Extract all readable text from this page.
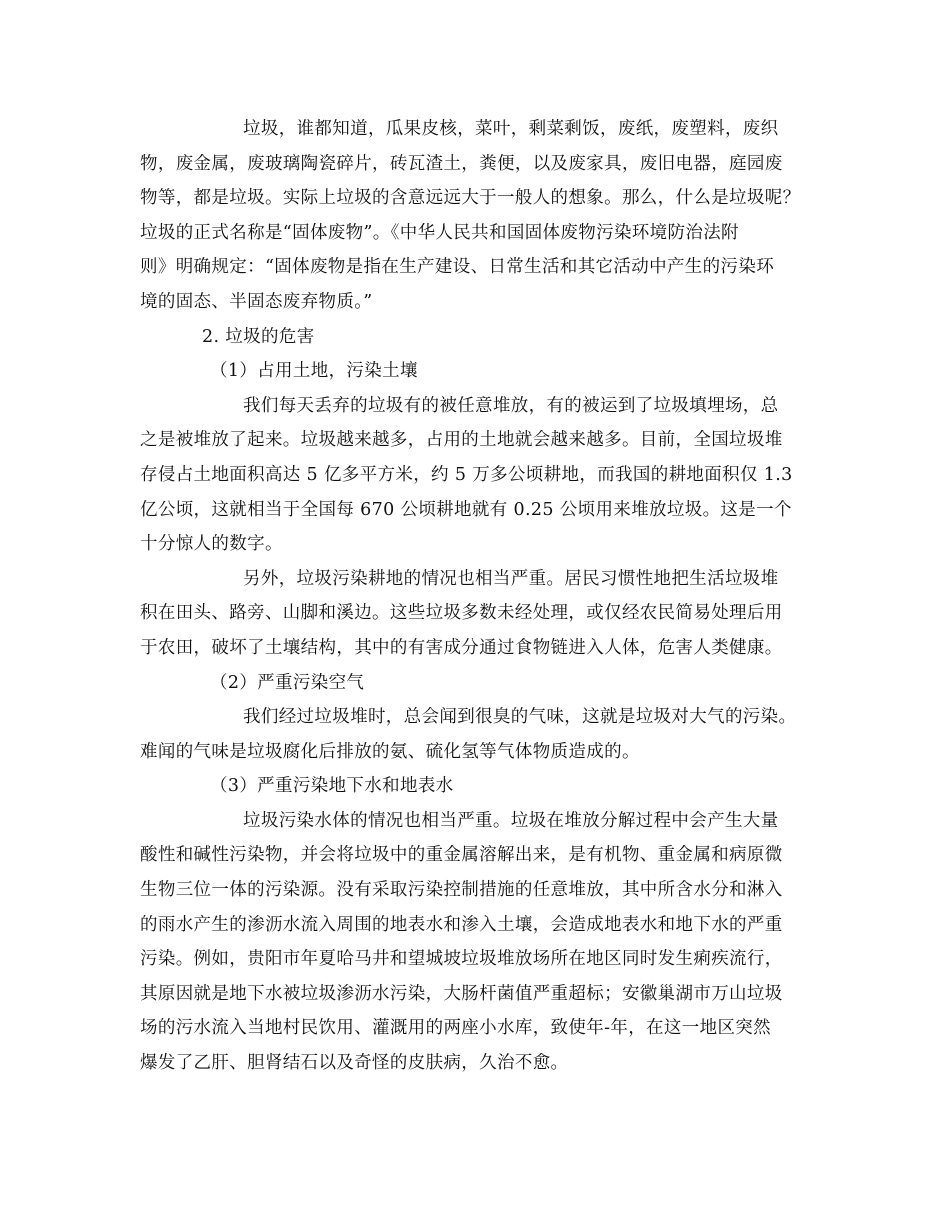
垃圾，谁都知道，瓜果皮核，菜叶，剩菜剩饭，废纸，废塑料，废织
物，废金属，废玻璃陶瓷碎片，砖瓦渣土，粪便，以及废家具，废旧电器，庭园废
物等，都是垃圾。实际上垃圾的含意远远大于一般人的想象。那么，什么是垃圾呢？
垃圾的正式名称是“固体废物”。《中华人民共和国固体废物污染环境防治法附
则》明确规定：“固体废物是指在生产建设、日常生活和其它活动中产生的污染环
境的固态、半固态废弃物质。”
2. 垃圾的危害
（1）占用土地，污染土壤
我们每天丢弃的垃圾有的被任意堆放，有的被运到了垃圾填埋场，总
之是被堆放了起来。垃圾越来越多，占用的土地就会越来越多。目前，全国垃圾堆
存侵占土地面积高达 5 亿多平方米，约 5 万多公顷耕地，而我国的耕地面积仅 1.3
亿公顷，这就相当于全国每 670 公顷耕地就有 0.25 公顷用来堆放垃圾。这是一个
十分惊人的数字。
另外，垃圾污染耕地的情况也相当严重。居民习惯性地把生活垃圾堆
积在田头、路旁、山脚和溪边。这些垃圾多数未经处理，或仅经农民简易处理后用
于农田，破坏了土壤结构，其中的有害成分通过食物链进入人体，危害人类健康。
（2）严重污染空气
我们经过垃圾堆时，总会闻到很臭的气味，这就是垃圾对大气的污染。
难闻的气味是垃圾腐化后排放的氨、硫化氢等气体物质造成的。
（3）严重污染地下水和地表水
垃圾污染水体的情况也相当严重。垃圾在堆放分解过程中会产生大量
酸性和碱性污染物，并会将垃圾中的重金属溶解出来，是有机物、重金属和病原微
生物三位一体的污染源。没有采取污染控制措施的任意堆放，其中所含水分和淋入
的雨水产生的渗沥水流入周围的地表水和渗入土壤，会造成地表水和地下水的严重
污染。例如，贵阳市年夏哈马井和望城坡垃圾堆放场所在地区同时发生痢疾流行，
其原因就是地下水被垃圾渗沥水污染，大肠杆菌值严重超标；安徽巢湖市万山垃圾
场的污水流入当地村民饮用、灌溉用的两座小水库，致使年-年，在这一地区突然
爆发了乙肝、胆肾结石以及奇怪的皮肤病，久治不愈。
